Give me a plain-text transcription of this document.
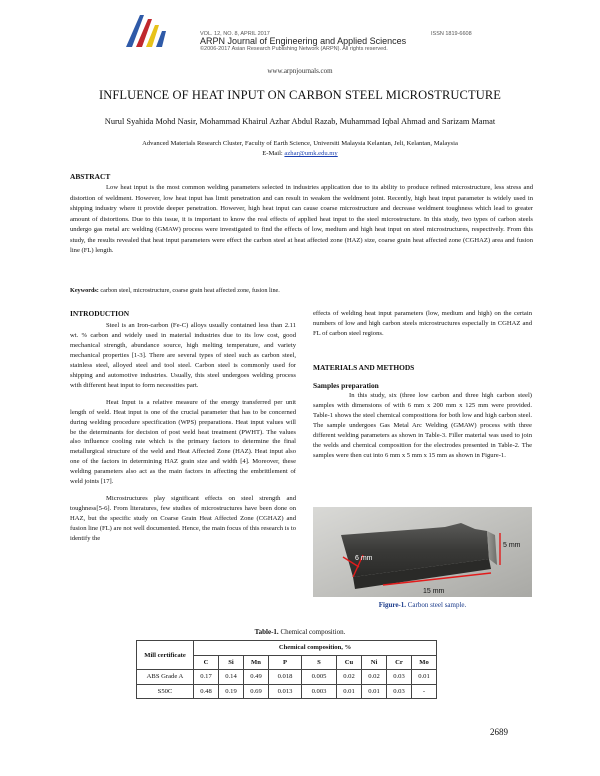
VOL. 12, NO. 8, APRIL 2017	ISSN 1819-6608
ARPN Journal of Engineering and Applied Sciences
©2006-2017 Asian Research Publishing Network (ARPN). All rights reserved.
www.arpnjournals.com
INFLUENCE OF HEAT INPUT ON CARBON STEEL MICROSTRUCTURE
Nurul Syahida Mohd Nasir, Mohammad Khairul Azhar Abdul Razab, Muhammad Iqbal Ahmad and Sarizam Mamat
Advanced Materials Research Cluster, Faculty of Earth Science, Universiti Malaysia Kelantan, Jeli, Kelantan, Malaysia
E-Mail: azhar@umk.edu.my
ABSTRACT
Low heat input is the most common welding parameters selected in industries application due to its ability to produce refined microstructure, less stress and distortion of weldment. However, low heat input has limit penetration and can result in weaken the weldment joint. Recently, high heat input parameter is widely used in shipping industry where it provide deeper penetration. However, high heat input can cause coarse microstructure and decrease weldment toughness which lead to greater amount of distortions. Due to this issue, it is important to know the real effects of applied heat input to the steel microstructure. In this study, two types of carbon steels undergo gas metal arc welding (GMAW) process were investigated to find the effects of low, medium and high heat input on steel microstructures, respectively. From this study, the results revealed that heat input parameters were effect the carbon steel at heat affected zone (HAZ) size, coarse grain heat affected zone (CGHAZ) area and fusion line (FL) length.
Keywords: carbon steel, microstructure, coarse grain heat affected zone, fusion line.
INTRODUCTION

Steel is an Iron-carbon (Fe-C) alloys usually contained less than 2.11 wt. % carbon and widely used in material industries due to its low cost, good mechanical strength, abundance source, high melting temperature, and variety mechanical properties [1-3]. There are several types of steel such as carbon steel, stainless steel, alloyed steel and tool steel. Carbon steel is commonly used for shipping and automotive industries. Usually, this steel undergoes welding process with different heat input to form necessities part.

Heat Input is a relative measure of the energy transferred per unit length of weld. Heat input is one of the crucial parameter that has to be concerned during welding procedure specification (WPS) preparations. Heat input values will be the determinants for decision of post weld heat treatment (PWHT). The values also influence cooling rate which is the primary factors to determine the final metallurgical structure of the weld and Heat Affected Zone (HAZ). Heat input also one of the factors in determining HAZ grain size and width [4]. Moreover, these welding parameters also act as the main factors in affecting the embrittlement of weld joints [17].

Microstructures play significant effects on steel strength and toughness[5-6]. From literatures, few studies of microstructures have been done on HAZ, but the specific study on Coarse Grain Heat Affected Zone (CGHAZ) and fusion line (FL) are not well documented. Hence, the main focus of this research is to identify the

effects of welding heat input parameters (low, medium and high) on the certain numbers of low and high carbon steels microstructures especially in CGHAZ and FL of carbon steel regions.
MATERIALS AND METHODS
Samples preparation
In this study, six (three low carbon and three high carbon steel) samples with dimensions of with 6 mm x 200 mm x 125 mm were provided. Table-1 shows the steel chemical compositions for both low and high carbon steel. The sample undergoes Gas Metal Arc Welding (GMAW) process with three different welding parameters as shown in Table-3. Filler material was used to join the welds and chemical composition for the electrodes presented in Table-2. The samples were then cut into 6 mm x 5 mm x 15 mm as shown in Figure-1.
6 mm
5 mm
15 mm
Figure-1. Carbon steel sample.
Table-1. Chemical composition.
Mill certificate	Chemical composition, %								
	C	Si	Mn	P	S	Cu	Ni	Cr	Mo
ABS Grade A	0.17	0.14	0.49	0.018	0.005	0.02	0.02	0.03	0.01
S50C	0.48	0.19	0.69	0.013	0.003	0.01	0.01	0.03	-
2689
